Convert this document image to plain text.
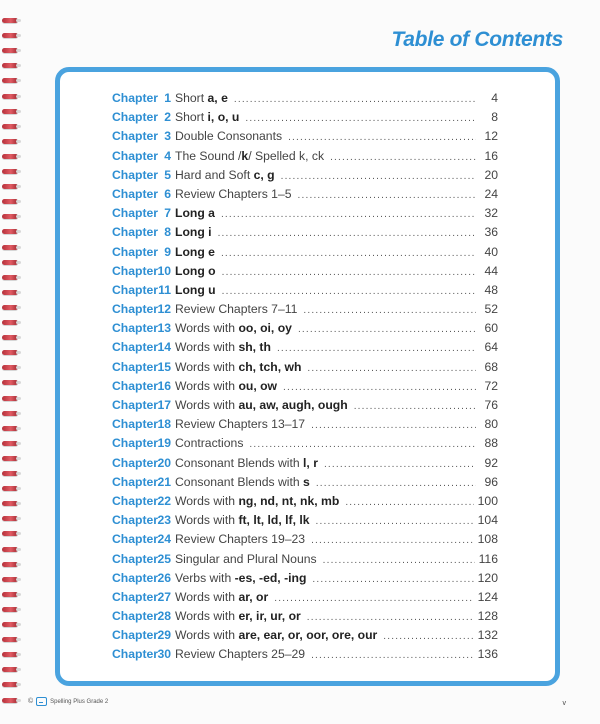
Table of Contents
Chapter 1 Short a, e .....	4
Chapter 2 Short i, o, u .....	8
Chapter 3 Double Consonants .....	12
Chapter 4 The Sound /k/ Spelled k, ck .....	16
Chapter 5 Hard and Soft c, g .....	20
Chapter 6 Review Chapters 1–5 .....	24
Chapter 7 Long a .....	32
Chapter 8 Long i .....	36
Chapter 9 Long e .....	40
Chapter 10 Long o .....	44
Chapter 11 Long u .....	48
Chapter 12 Review Chapters 7–11 .....	52
Chapter 13 Words with oo, oi, oy .....	60
Chapter 14 Words with sh, th .....	64
Chapter 15 Words with ch, tch, wh .....	68
Chapter 16 Words with ou, ow .....	72
Chapter 17 Words with au, aw, augh, ough .....	76
Chapter 18 Review Chapters 13–17 .....	80
Chapter 19 Contractions .....	88
Chapter 20 Consonant Blends with l, r .....	92
Chapter 21 Consonant Blends with s .....	96
Chapter 22 Words with ng, nd, nt, nk, mb .....	100
Chapter 23 Words with ft, lt, ld, lf, lk .....	104
Chapter 24 Review Chapters 19–23 .....	108
Chapter 25 Singular and Plural Nouns .....	116
Chapter 26 Verbs with -es, -ed, -ing .....	120
Chapter 27 Words with ar, or .....	124
Chapter 28 Words with er, ir, ur, or .....	128
Chapter 29 Words with are, ear, or, oor, ore, our .....	132
Chapter 30 Review Chapters 25–29 .....	136
©	Spelling Plus Grade 2	v
